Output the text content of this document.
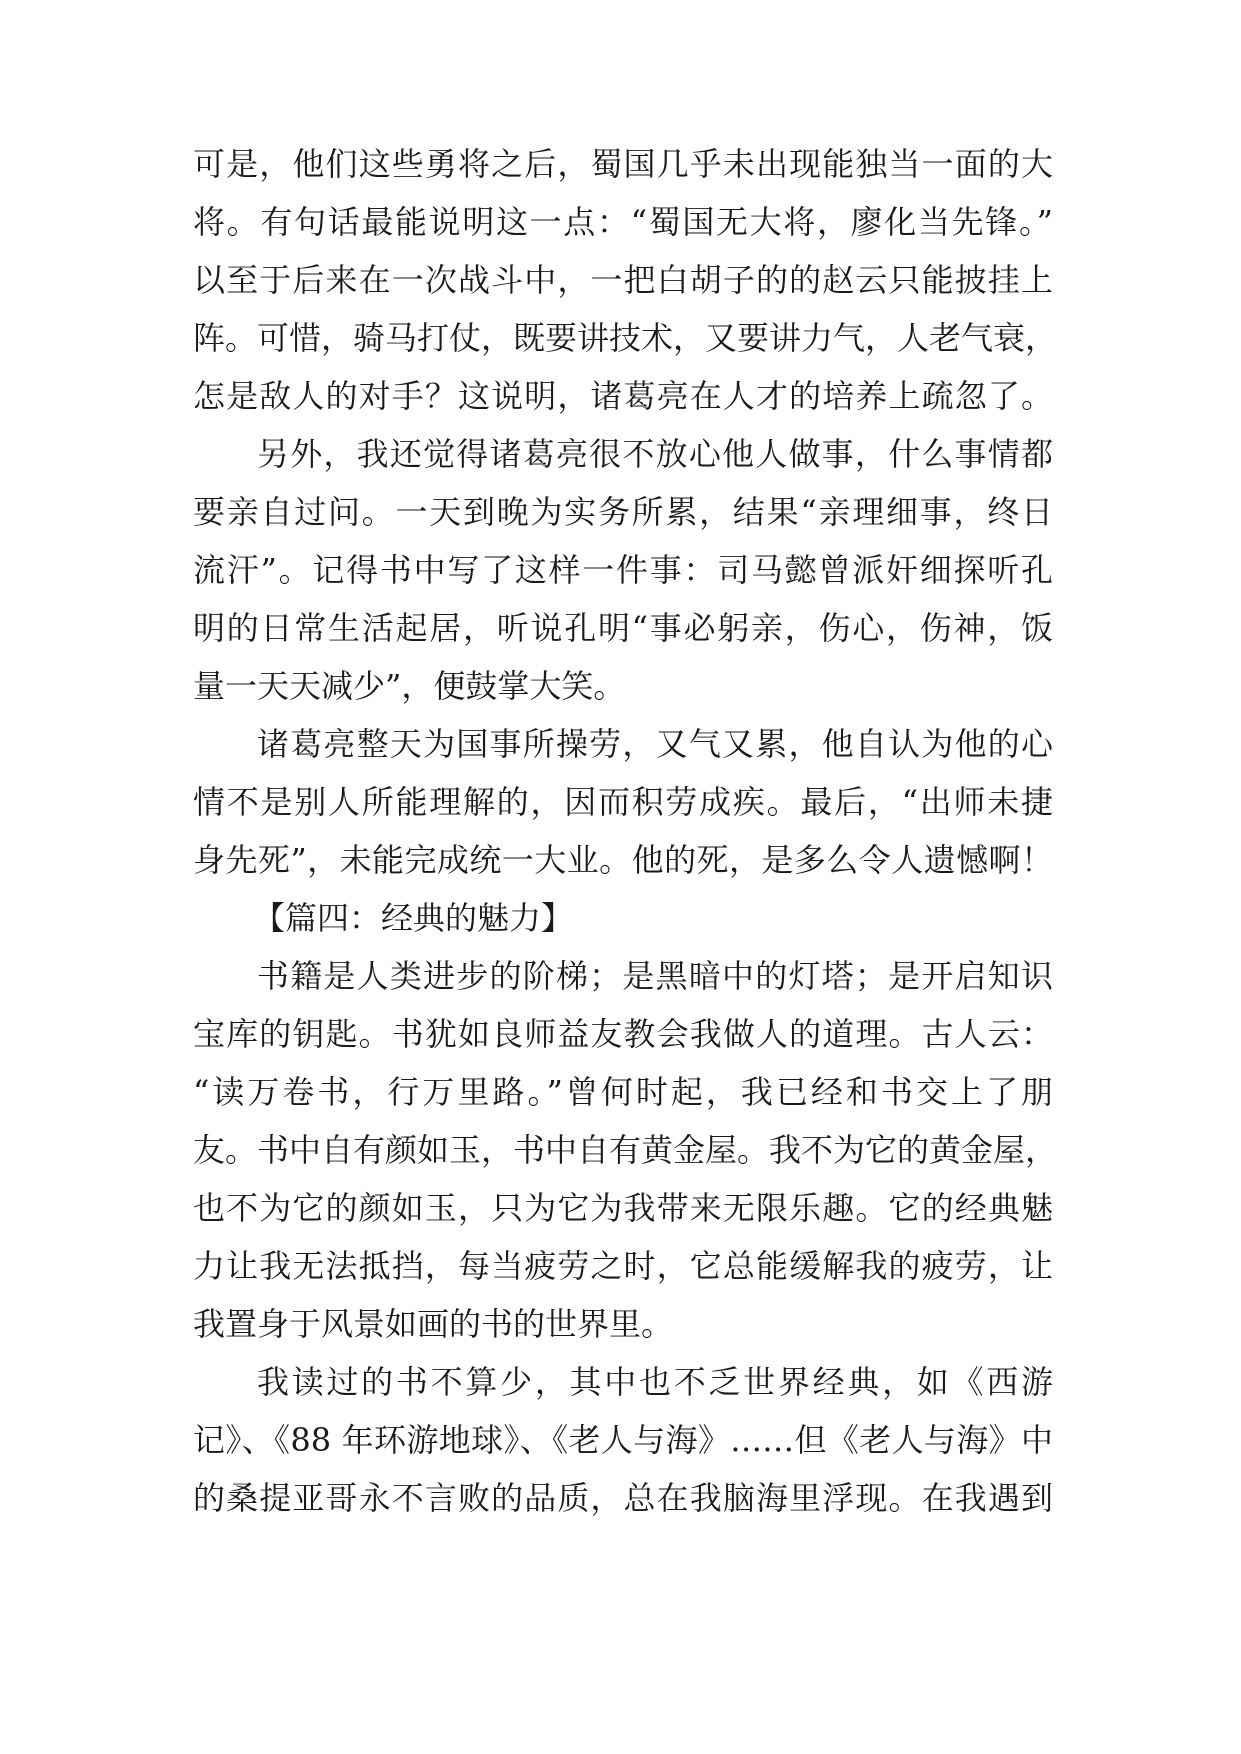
可是，他们这些勇将之后，蜀国几乎未出现能独当一面的大

将。有句话最能说明这一点：“蜀国无大将，廖化当先锋。”

以至于后来在一次战斗中，一把白胡子的的赵云只能披挂上

阵。可惜，骑马打仗，既要讲技术，又要讲力气，人老气衰，

怎是敌人的对手？这说明，诸葛亮在人才的培养上疏忽了。

另外，我还觉得诸葛亮很不放心他人做事，什么事情都

要亲自过问。一天到晚为实务所累，结果“亲理细事，终日

流汗”。记得书中写了这样一件事：司马懿曾派奸细探听孔

明的日常生活起居，听说孔明“事必躬亲，伤心，伤神，饭

量一天天减少”，便鼓掌大笑。

诸葛亮整天为国事所操劳，又气又累，他自认为他的心

情不是别人所能理解的，因而积劳成疾。最后，“出师未捷

身先死”，未能完成统一大业。他的死，是多么令人遗憾啊！

【篇四：经典的魅力】

书籍是人类进步的阶梯；是黑暗中的灯塔；是开启知识

宝库的钥匙。书犹如良师益友教会我做人的道理。古人云：

“读万卷书，行万里路。”曾何时起，我已经和书交上了朋

友。书中自有颜如玉，书中自有黄金屋。我不为它的黄金屋，

也不为它的颜如玉，只为它为我带来无限乐趣。它的经典魅

力让我无法抵挡，每当疲劳之时，它总能缓解我的疲劳，让

我置身于风景如画的书的世界里。

我读过的书不算少，其中也不乏世界经典，如《西游

记》、《88 年环游地球》、《老人与海》……但《老人与海》中

的桑提亚哥永不言败的品质，总在我脑海里浮现。在我遇到
